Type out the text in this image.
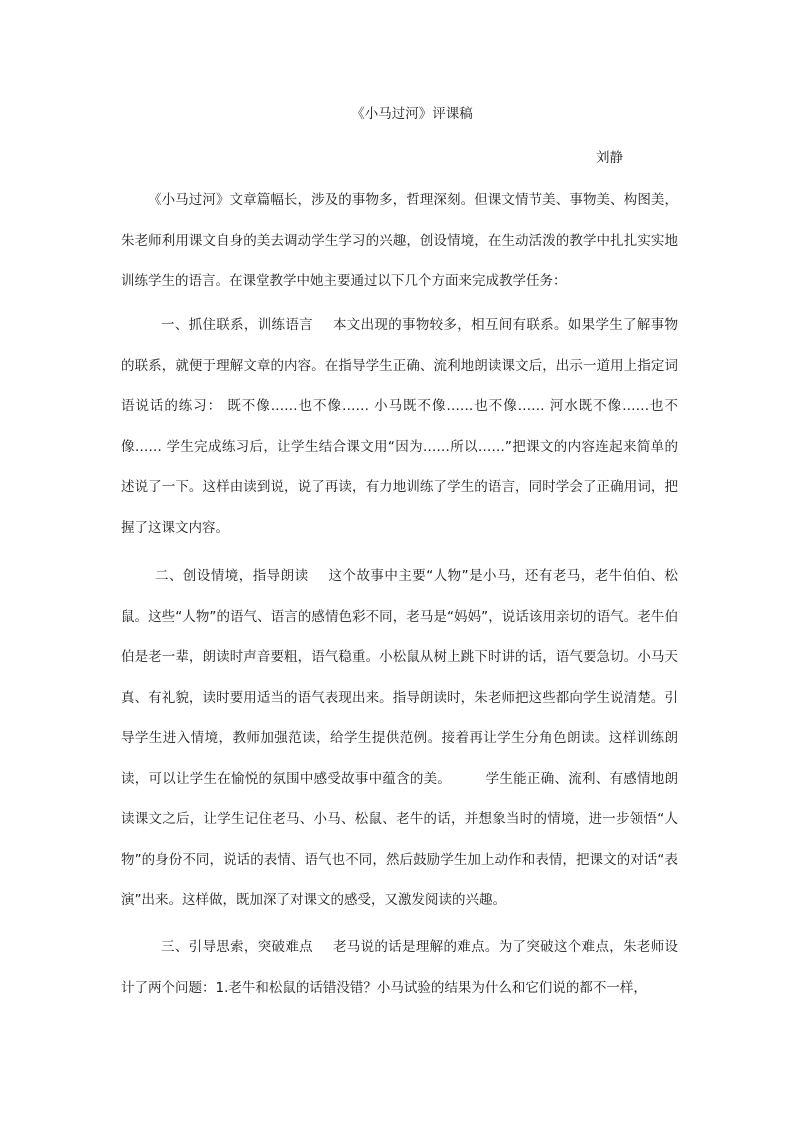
《小马过河》评课稿
刘静

《小马过河》文章篇幅长，涉及的事物多，哲理深刻。但课文情节美、事物美、构图美，朱老师利用课文自身的美去调动学生学习的兴趣，创设情境，在生动活泼的教学中扎扎实实地训练学生的语言。在课堂教学中她主要通过以下几个方面来完成教学任务：

一、抓住联系，训练语言 本文出现的事物较多，相互间有联系。如果学生了解事物的联系，就便于理解文章的内容。在指导学生正确、流利地朗读课文后，出示一道用上指定词语说话的练习： 既不像……也不像…… 小马既不像……也不像…… 河水既不像……也不像…… 学生完成练习后，让学生结合课文用“因为……所以……”把课文的内容连起来简单的述说了一下。这样由读到说，说了再读，有力地训练了学生的语言，同时学会了正确用词，把握了这课文内容。

二、创设情境，指导朗读 这个故事中主要“人物”是小马，还有老马，老牛伯伯、松鼠。这些“人物”的语气、语言的感情色彩不同，老马是“妈妈”，说话该用亲切的语气。老牛伯伯是老一辈，朗读时声音要粗，语气稳重。小松鼠从树上跳下时讲的话，语气要急切。小马天真、有礼貌，读时要用适当的语气表现出来。指导朗读时，朱老师把这些都向学生说清楚。引导学生进入情境，教师加强范读，给学生提供范例。接着再让学生分角色朗读。这样训练朗读，可以让学生在愉悦的氛围中感受故事中蕴含的美。　　　学生能正确、流利、有感情地朗读课文之后，让学生记住老马、小马、松鼠、老牛的话，并想象当时的情境，进一步领悟“人物”的身份不同，说话的表情、语气也不同，然后鼓励学生加上动作和表情，把课文的对话“表演”出来。这样做，既加深了对课文的感受，又激发阅读的兴趣。

三、引导思索，突破难点 老马说的话是理解的难点。为了突破这个难点，朱老师设计了两个问题：1.老牛和松鼠的话错没错？小马试验的结果为什么和它们说的都不一样，
